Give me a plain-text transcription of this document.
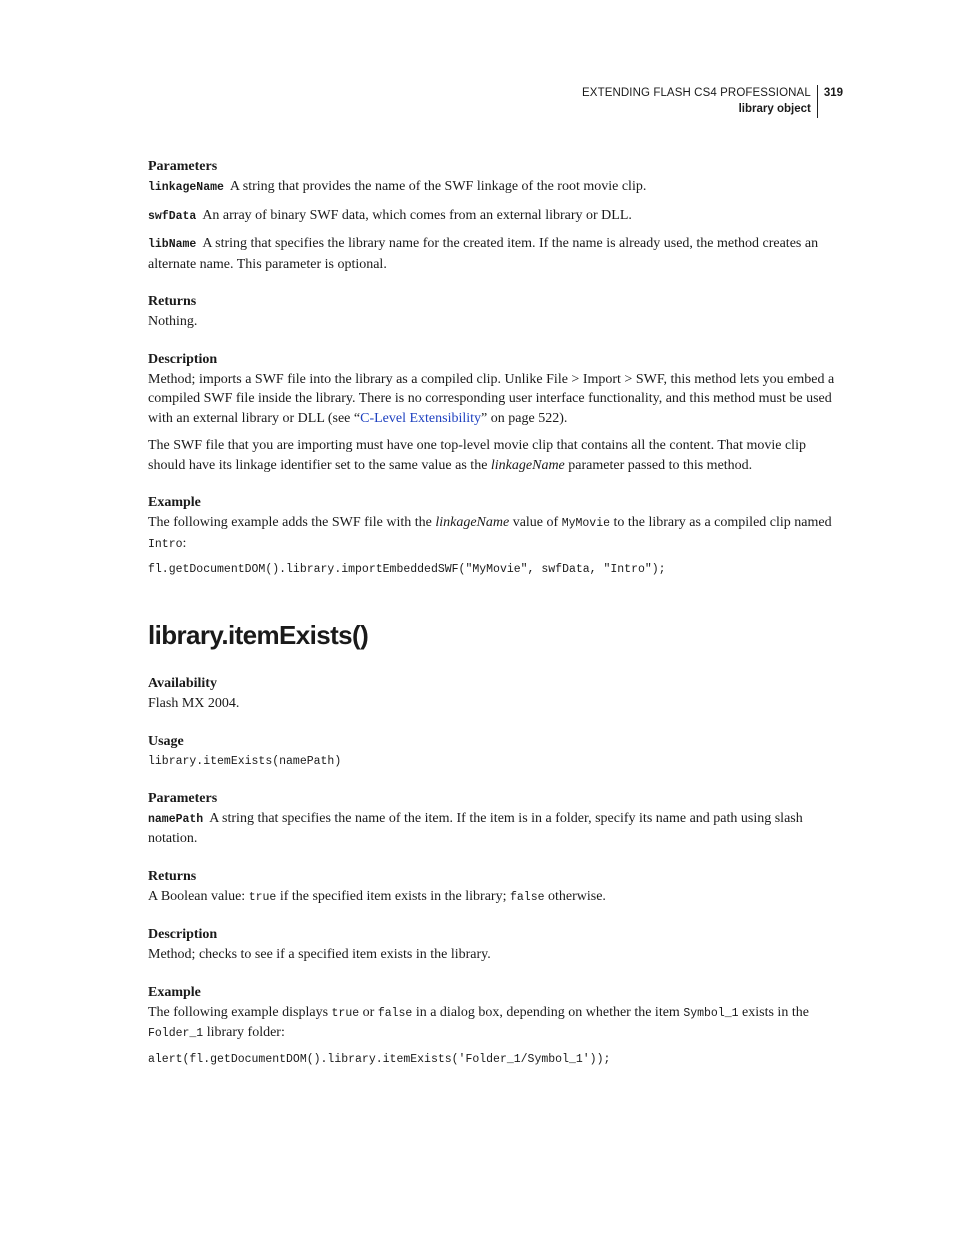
EXTENDING FLASH CS4 PROFESSIONAL
library object
319
Parameters

linkageName A string that provides the name of the SWF linkage of the root movie clip.

swfData An array of binary SWF data, which comes from an external library or DLL.

libName A string that specifies the library name for the created item. If the name is already used, the method creates an alternate name. This parameter is optional.

Returns

Nothing.

Description

Method; imports a SWF file into the library as a compiled clip. Unlike File > Import > SWF, this method lets you embed a compiled SWF file inside the library. There is no corresponding user interface functionality, and this method must be used with an external library or DLL (see “C-Level Extensibility” on page 522).

The SWF file that you are importing must have one top-level movie clip that contains all the content. That movie clip should have its linkage identifier set to the same value as the linkageName parameter passed to this method.

Example

The following example adds the SWF file with the linkageName value of MyMovie to the library as a compiled clip named Intro:

fl.getDocumentDOM().library.importEmbeddedSWF("MyMovie", swfData, "Intro");
library.itemExists()
Availability

Flash MX 2004.

Usage
library.itemExists(namePath)
Parameters

namePath A string that specifies the name of the item. If the item is in a folder, specify its name and path using slash notation.

Returns

A Boolean value: true if the specified item exists in the library; false otherwise.

Description

Method; checks to see if a specified item exists in the library.

Example

The following example displays true or false in a dialog box, depending on whether the item Symbol_1 exists in the Folder_1 library folder:

alert(fl.getDocumentDOM().library.itemExists('Folder_1/Symbol_1'));
